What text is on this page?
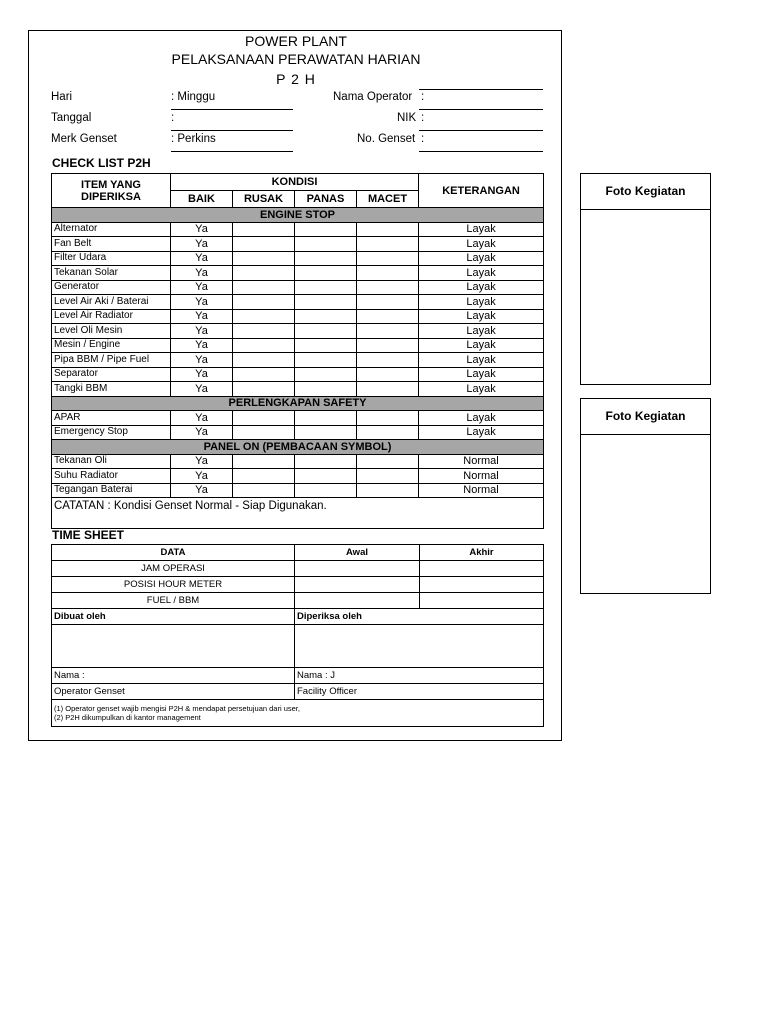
POWER PLANT
PELAKSANAAN PERAWATAN HARIAN
P 2 H
Hari	: Minggu	Nama Operator :
Tanggal	:	NIK :
Merk Genset	: Perkins	No. Genset :
CHECK LIST P2H
ITEM YANG DIPERIKSA	KONDISI				KETERANGAN
	BAIK	RUSAK	PANAS	MACET	
ENGINE STOP					
Alternator	Ya				Layak
Fan Belt	Ya				Layak
Filter Udara	Ya				Layak
Tekanan Solar	Ya				Layak
Generator	Ya				Layak
Level Air Aki / Baterai	Ya				Layak
Level Air Radiator	Ya				Layak
Level Oli Mesin	Ya				Layak
Mesin / Engine	Ya				Layak
Pipa BBM / Pipe Fuel	Ya				Layak
Separator	Ya				Layak
Tangki BBM	Ya				Layak
PERLENGKAPAN SAFETY					
APAR	Ya				Layak
Emergency Stop	Ya				Layak
PANEL ON (PEMBACAAN SYMBOL)					
Tekanan Oli	Ya				Normal
Suhu Radiator	Ya				Normal
Tegangan Baterai	Ya				Normal
CATATAN : Kondisi Genset Normal - Siap Digunakan.					
TIME SHEET
DATA	Awal	Akhir
JAM OPERASI		
POSISI HOUR METER		
FUEL / BBM		
Dibuat oleh	Diperiksa oleh	

Nama :	Nama : J	
Operator Genset	Facility Officer	

(1) Operator genset wajib mengisi P2H & mendapat persetujuan dari user,
(2) P2H dikumpulkan di kantor management		
Foto Kegiatan
Foto Kegiatan
